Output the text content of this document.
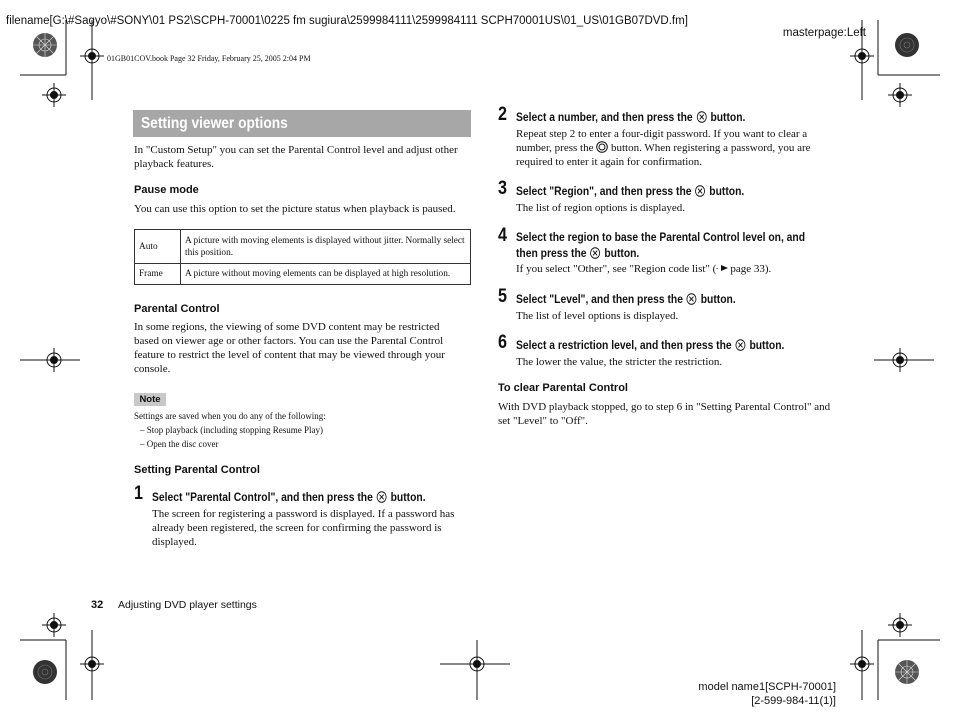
filename[G:\#Sagyo\#SONY\01 PS2\SCPH-70001\0225 fm sugiura\2599984111\2599984111 SCPH70001US\01_US\01GB07DVD.fm]
masterpage:Left
01GB01COV.book Page 32 Friday, February 25, 2005 2:04 PM
Setting viewer options
In "Custom Setup" you can set the Parental Control level and adjust other playback features.
Pause mode
You can use this option to set the picture status when playback is paused.
Auto	A picture with moving elements is displayed without jitter. Normally select this position.
Frame	A picture without moving elements can be displayed at high resolution.
Parental Control
In some regions, the viewing of some DVD content may be restricted based on viewer age or other factors. You can use the Parental Control feature to restrict the level of content that may be viewed through your console.
Note
Settings are saved when you do any of the following:
– Stop playback (including stopping Resume Play)
– Open the disc cover
Setting Parental Control
1 Select "Parental Control", and then press the button.
The screen for registering a password is displayed. If a password has already been registered, the screen for confirming the password is displayed.
2 Select a number, and then press the button.
Repeat step 2 to enter a four-digit password. If you want to clear a number, press the button. When registering a password, you are required to enter it again for confirmation.
3 Select "Region", and then press the button.
The list of region options is displayed.
4 Select the region to base the Parental Control level on, and
then press the button.
If you select "Other", see "Region code list" ( - page 33).
5 Select "Level", and then press the button.
The list of level options is displayed.
6 Select a restriction level, and then press the button.
The lower the value, the stricter the restriction.
To clear Parental Control
With DVD playback stopped, go to step 6 in "Setting Parental Control" and set "Level" to "Off".
32 Adjusting DVD player settings
model name1[SCPH-70001]
[2-599-984-11(1)]
